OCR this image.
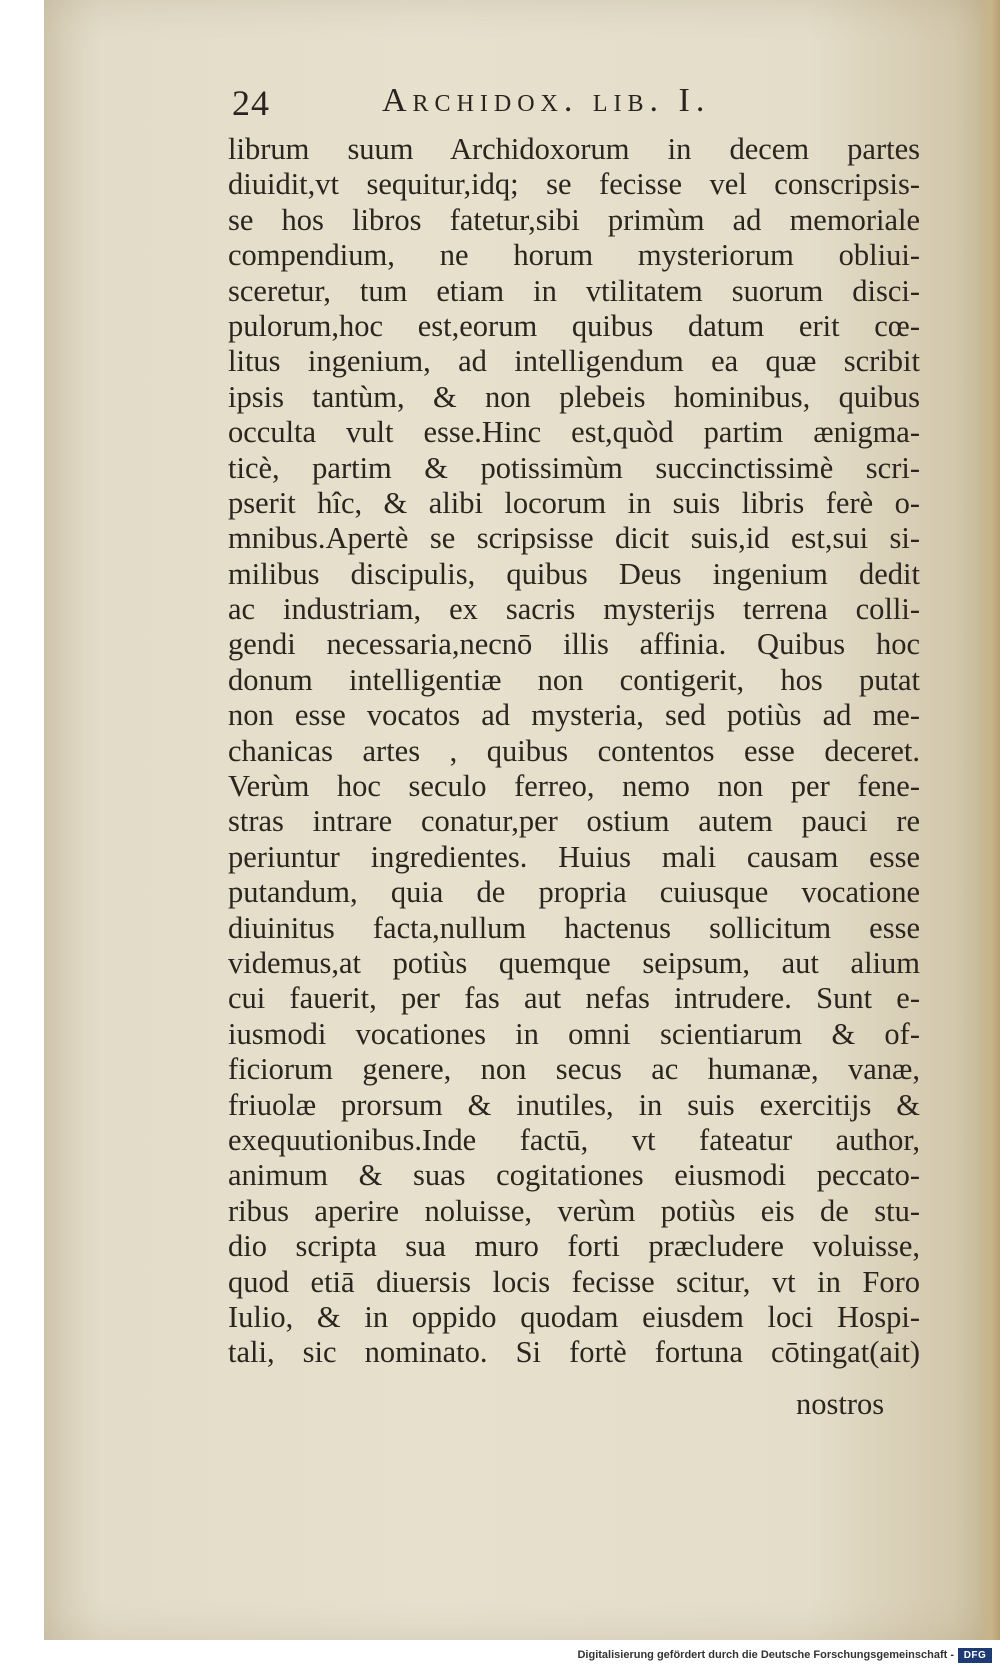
24	Archidox. lib. I.
librum suum Archidoxorum in decem partes
diuidit,vt sequitur,idq; se fecisse vel conscripsis-
se hos libros fatetur,sibi primùm ad memoriale
compendium, ne horum mysteriorum obliui-
sceretur, tum etiam in vtilitatem suorum disci-
pulorum,hoc est,eorum quibus datum erit cœ-
litus ingenium, ad intelligendum ea quæ scribit
ipsis tantùm, & non plebeis hominibus, quibus
occulta vult esse.Hinc est,quòd partim ænigma-
ticè, partim & potissimùm succinctissimè scri-
pserit hîc, & alibi locorum in suis libris ferè o-
mnibus.Apertè se scripsisse dicit suis,id est,sui si-
milibus discipulis, quibus Deus ingenium dedit
ac industriam, ex sacris mysterijs terrena colli-
gendi necessaria,necnō illis affinia. Quibus hoc
donum intelligentiæ non contigerit, hos putat
non esse vocatos ad mysteria, sed potiùs ad me-
chanicas artes , quibus contentos esse deceret.
Verùm hoc seculo ferreo, nemo non per fene-
stras intrare conatur,per ostium autem pauci re
periuntur ingredientes. Huius mali causam esse
putandum, quia de propria cuiusque vocatione
diuinitus facta,nullum hactenus sollicitum esse
videmus,at potiùs quemque seipsum, aut alium
cui fauerit, per fas aut nefas intrudere. Sunt e-
iusmodi vocationes in omni scientiarum & of-
ficiorum genere, non secus ac humanæ, vanæ,
friuolæ prorsum & inutiles, in suis exercitijs &
exequutionibus.Inde factū, vt fateatur author,
animum & suas cogitationes eiusmodi peccato-
ribus aperire noluisse, verùm potiùs eis de stu-
dio scripta sua muro forti præcludere voluisse,
quod etiā diuersis locis fecisse scitur, vt in Foro
Iulio, & in oppido quodam eiusdem loci Hospi-
tali, sic nominato. Si fortè fortuna cōtingat(ait)
nostros
Digitalisierung gefördert durch die Deutsche Forschungsgemeinschaft - DFG
